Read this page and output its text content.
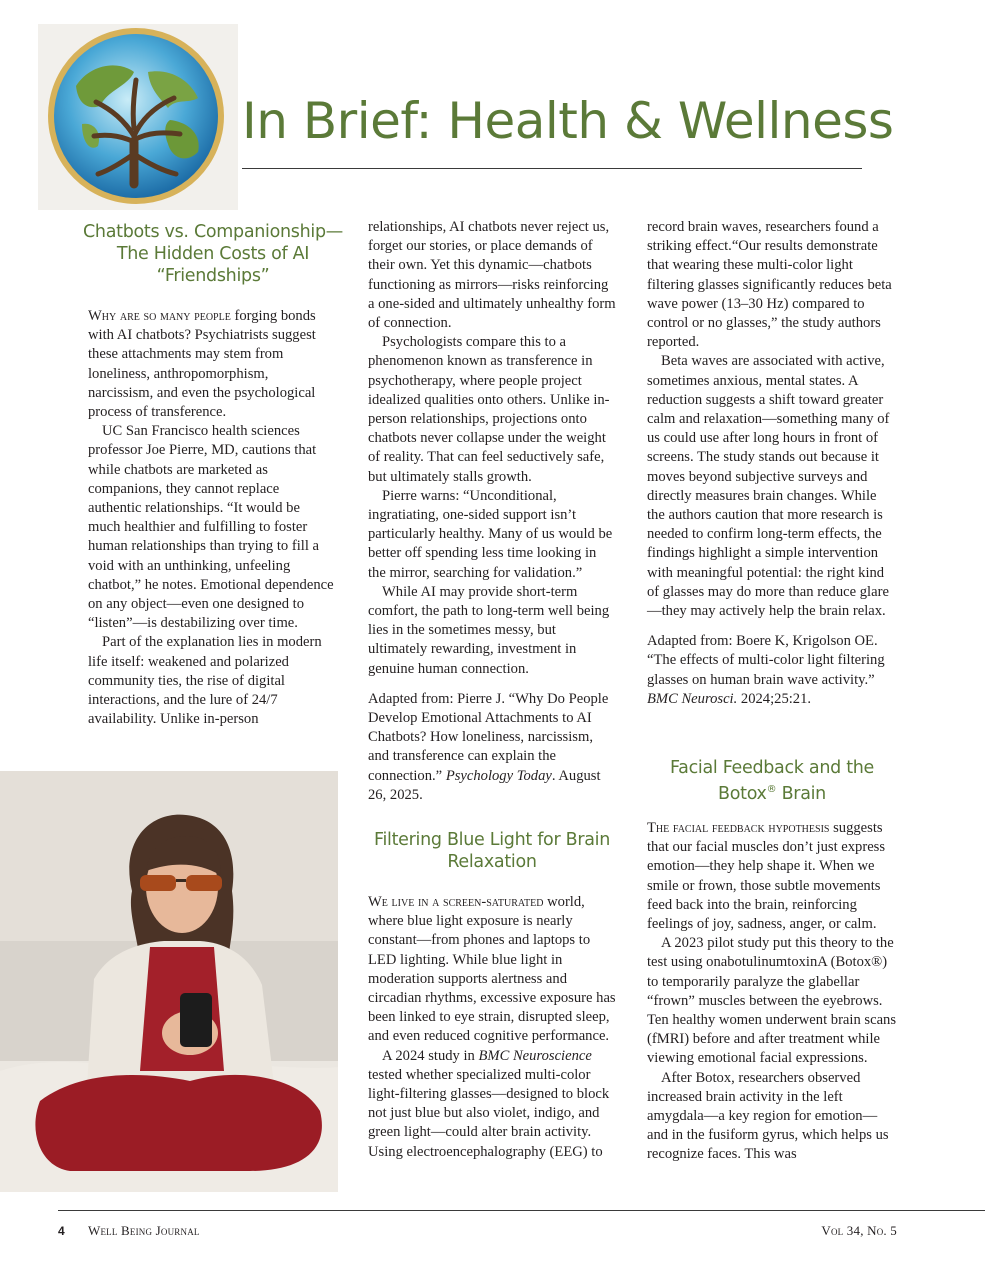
In Brief: Health & Wellness
Chatbots vs. Companionship—The Hidden Costs of AI “Friendships”

Why are so many people forging bonds with AI chatbots? Psychiatrists suggest these attachments may stem from loneliness, anthropomorphism, narcissism, and even the psychological process of transference.

UC San Francisco health sciences professor Joe Pierre, MD, cautions that while chatbots are marketed as companions, they cannot replace authentic relationships. “It would be much healthier and fulfilling to foster human relationships than trying to fill a void with an unthinking, unfeeling chatbot,” he notes. Emotional dependence on any object—even one designed to “listen”—is destabilizing over time.

Part of the explanation lies in modern life itself: weakened and polarized community ties, the rise of digital interactions, and the lure of 24/7 availability. Unlike in-person

relationships, AI chatbots never reject us, forget our stories, or place demands of their own. Yet this dynamic—chatbots functioning as mirrors—risks reinforcing a one-sided and ultimately unhealthy form of connection.

Psychologists compare this to a phenomenon known as transference in psychotherapy, where people project idealized qualities onto others. Unlike in-person relationships, projections onto chatbots never collapse under the weight of reality. That can feel seductively safe, but ultimately stalls growth.

Pierre warns: “Unconditional, ingratiating, one-sided support isn’t particularly healthy. Many of us would be better off spending less time looking in the mirror, searching for validation.”

While AI may provide short-term comfort, the path to long-term well being lies in the sometimes messy, but ultimately rewarding, investment in genuine human connection.

Adapted from: Pierre J. “Why Do People Develop Emotional Attachments to AI Chatbots? How loneliness, narcissism, and transference can explain the connection.” Psychology Today. August 26, 2025.

Filtering Blue Light for Brain Relaxation

We live in a screen-saturated world, where blue light exposure is nearly constant—from phones and laptops to LED lighting. While blue light in moderation supports alertness and circadian rhythms, excessive exposure has been linked to eye strain, disrupted sleep, and even reduced cognitive performance.

A 2024 study in BMC Neuroscience tested whether specialized multi-color light-filtering glasses—designed to block not just blue but also violet, indigo, and green light—could alter brain activity. Using electroencephalography (EEG) to

record brain waves, researchers found a striking effect.“Our results demonstrate that wearing these multi-color light filtering glasses significantly reduces beta wave power (13–30 Hz) compared to control or no glasses,” the study authors reported.

Beta waves are associated with active, sometimes anxious, mental states. A reduction suggests a shift toward greater calm and relaxation—something many of us could use after long hours in front of screens. The study stands out because it moves beyond subjective surveys and directly measures brain changes. While the authors caution that more research is needed to confirm long-term effects, the findings highlight a simple intervention with meaningful potential: the right kind of glasses may do more than reduce glare—they may actively help the brain relax.

Adapted from: Boere K, Krigolson OE. “The effects of multi-color light filtering glasses on human brain wave activity.” BMC Neurosci. 2024;25:21.

Facial Feedback and the Botox® Brain

The facial feedback hypothesis suggests that our facial muscles don’t just express emotion—they help shape it. When we smile or frown, those subtle movements feed back into the brain, reinforcing feelings of joy, sadness, anger, or calm.

A 2023 pilot study put this theory to the test using onabotulinumtoxinA (Botox®) to temporarily paralyze the glabellar “frown” muscles between the eyebrows. Ten healthy women underwent brain scans (fMRI) before and after treatment while viewing emotional facial expressions.

After Botox, researchers observed increased brain activity in the left amygdala—a key region for emotion—and in the fusiform gyrus, which helps us recognize faces. This was

4 Well Being Journal	Vol 34, No. 5
